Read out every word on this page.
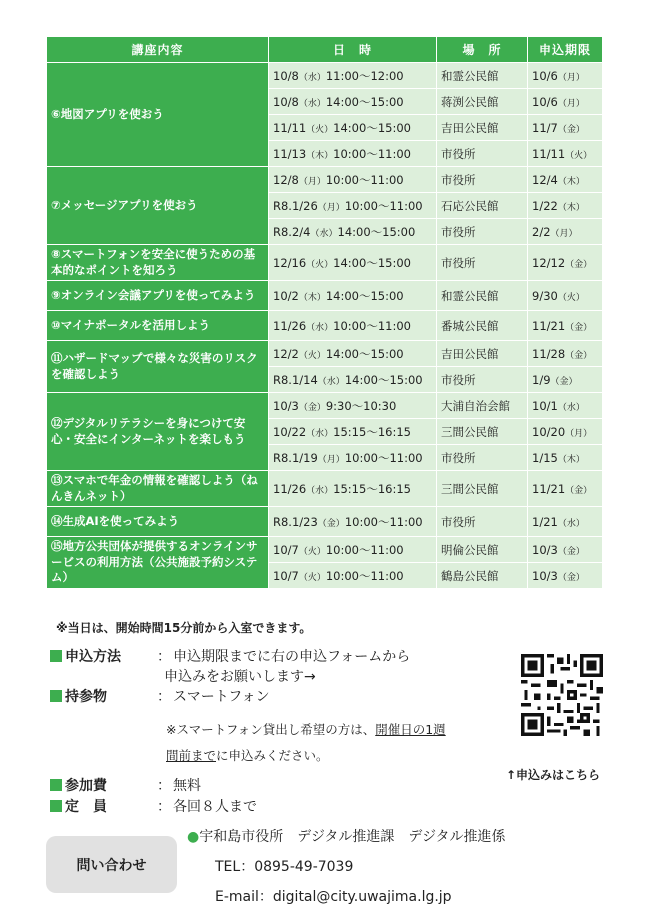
講座内容	日　時	場　所	申込期限
⑥地図アプリを使おう	10/8（水）11:00〜12:00	和霊公民館	10/6（月）
	10/8（水）14:00〜15:00	蒋渕公民館	10/6（月）
	11/11（火）14:00〜15:00	吉田公民館	11/7（金）
	11/13（木）10:00〜11:00	市役所	11/11（火）
⑦メッセージアプリを使おう	12/8（月）10:00〜11:00	市役所	12/4（木）
	R8.1/26（月）10:00〜11:00	石応公民館	1/22（木）
	R8.2/4（水）14:00〜15:00	市役所	2/2（月）
⑧スマートフォンを安全に使うための基本的なポイントを知ろう	12/16（火）14:00〜15:00	市役所	12/12（金）
⑨オンライン会議アプリを使ってみよう	10/2（木）14:00〜15:00	和霊公民館	9/30（火）
⑩マイナポータルを活用しよう	11/26（水）10:00〜11:00	番城公民館	11/21（金）
⑪ハザードマップで様々な災害のリスクを確認しよう	12/2（火）14:00〜15:00	吉田公民館	11/28（金）
	R8.1/14（水）14:00〜15:00	市役所	1/9（金）
⑫デジタルリテラシーを身につけて安心・安全にインターネットを楽しもう	10/3（金）9:30〜10:30	大浦自治会館	10/1（水）
	10/22（水）15:15〜16:15	三間公民館	10/20（月）
	R8.1/19（月）10:00〜11:00	市役所	1/15（木）
⑬スマホで年金の情報を確認しよう（ねんきんネット）	11/26（水）15:15〜16:15	三間公民館	11/21（金）
⑭生成AIを使ってみよう	R8.1/23（金）10:00〜11:00	市役所	1/21（水）
⑮地方公共団体が提供するオンラインサービスの利用方法（公共施設予約システム）	10/7（火）10:00〜11:00	明倫公民館	10/3（金）
	10/7（火）10:00〜11:00	鶴島公民館	10/3（金）
※当日は、開始時間15分前から入室できます。
申込方法	： 申込期限までに右の申込フォームから
申込みをお願いします→
持参物	： スマートフォン
※スマートフォン貸出し希望の方は、開催日の1週
間前までに申込みください。
参加費	： 無料
定　員	： 各回８人まで
↑申込みはこちら
問い合わせ
●宇和島市役所　デジタル推進課　デジタル推進係
TEL：0895-49-7039
E-mail：digital@city.uwajima.lg.jp
